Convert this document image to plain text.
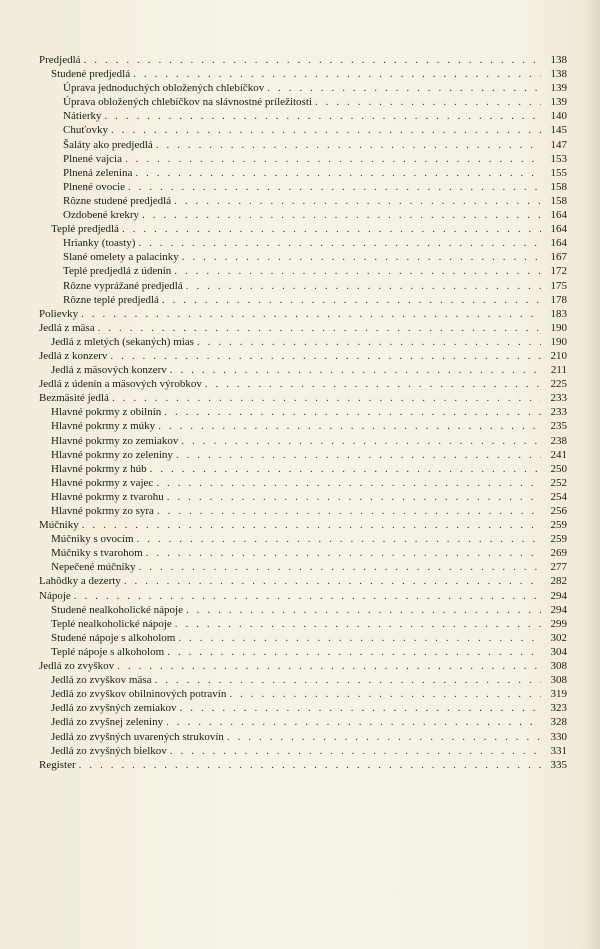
Predjedlá . . .	138
Studené predjedlá . . .	138
Úprava jednoduchých obložených chlebíčkov . . .	139
Úprava obložených chlebíčkov na slávnostné príležitosti . . .	139
Nátierky . . .	140
Chuťovky . . .	145
Šaláty ako predjedlá . . .	147
Plnené vajcia . . .	153
Plnená zelenina . . .	155
Plnené ovocie . . .	158
Rôzne studené predjedlá . . .	158
Ozdobené krekry . . .	164
Teplé predjedlá . . .	164
Hrianky (toasty) . . .	164
Slané omelety a palacinky . . .	167
Teplé predjedlá z údenín . . .	172
Rôzne vyprážané predjedlá . . .	175
Rôzne teplé predjedlá . . .	178
Polievky . . .	183
Jedlá z mäsa . . .	190
Jedlá z mletých (sekaných) mias . . .	190
Jedlá z konzerv . . .	210
Jedlá z mäsových konzerv . . .	211
Jedlá z údenín a mäsových výrobkov . . .	225
Bezmäsité jedlá . . .	233
Hlavné pokrmy z obilnín . . .	233
Hlavné pokrmy z múky . . .	235
Hlavné pokrmy zo zemiakov . . .	238
Hlavné pokrmy zo zeleniny . . .	241
Hlavné pokrmy z húb . . .	250
Hlavné pokrmy z vajec . . .	252
Hlavné pokrmy z tvarohu . . .	254
Hlavné pokrmy zo syra . . .	256
Múčniky . . .	259
Múčniky s ovocím . . .	259
Múčniky s tvarohom . . .	269
Nepečené múčniky . . .	277
Lahôdky a dezerty . . .	282
Nápoje . . .	294
Studené nealkoholické nápoje . . .	294
Teplé nealkoholické nápoje . . .	299
Studené nápoje s alkoholom . . .	302
Teplé nápoje s alkoholom . . .	304
Jedlá zo zvyškov . . .	308
Jedlá zo zvyškov mäsa . . .	308
Jedlá zo zvyškov obilninových potravín . . .	319
Jedlá zo zvyšných zemiakov . . .	323
Jedlá zo zvyšnej zeleniny . . .	328
Jedlá zo zvyšných uvarených strukovín . . .	330
Jedlá zo zvyšných bielkov . . .	331
Register . . .	335
